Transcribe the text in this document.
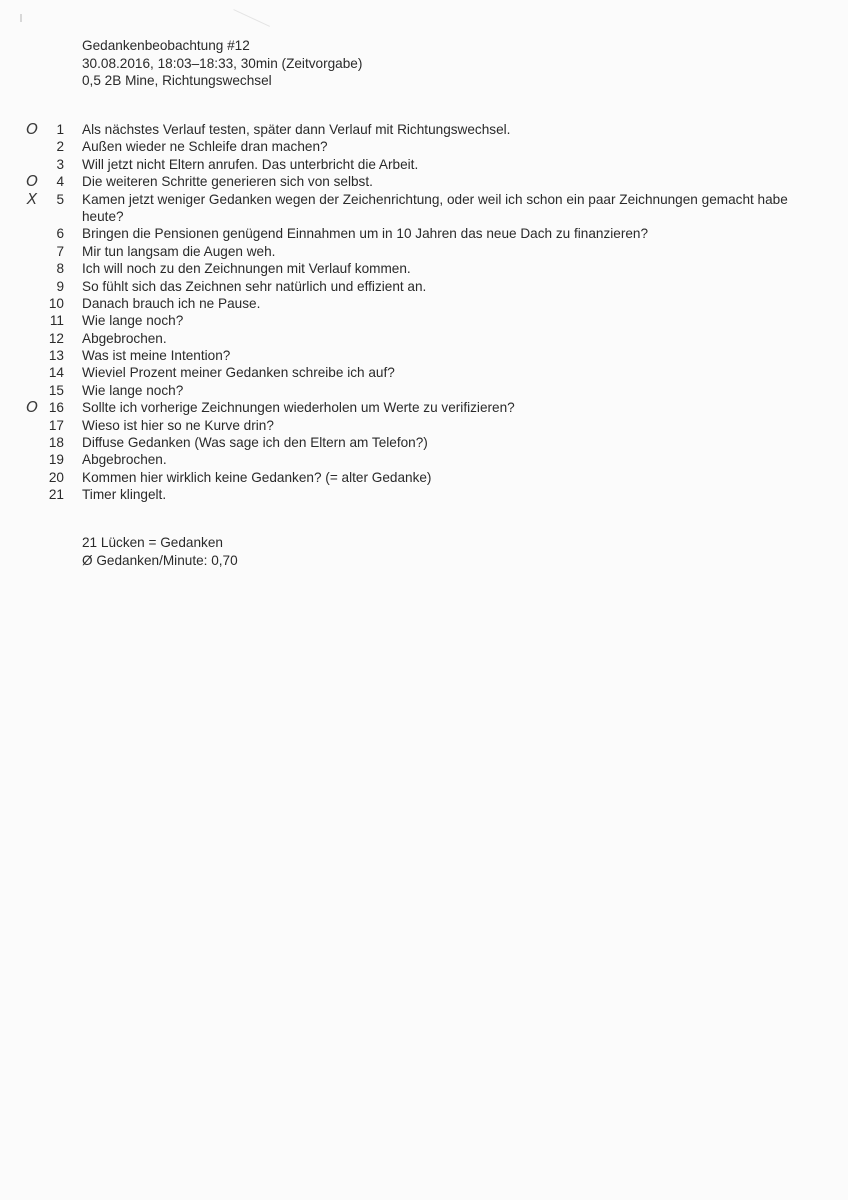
Gedankenbeobachtung #12
30.08.2016, 18:03–18:33, 30min (Zeitvorgabe)
0,5 2B Mine, Richtungswechsel
O	1 Als nächstes Verlauf testen, später dann Verlauf mit Richtungswechsel.
2 Außen wieder ne Schleife dran machen?
3 Will jetzt nicht Eltern anrufen. Das unterbricht die Arbeit.
O	4 Die weiteren Schritte generieren sich von selbst.
X	5 Kamen jetzt weniger Gedanken wegen der Zeichenrichtung, oder weil ich schon ein paar Zeichnungen gemacht habe heute?
6 Bringen die Pensionen genügend Einnahmen um in 10 Jahren das neue Dach zu finanzieren?
7 Mir tun langsam die Augen weh.
8 Ich will noch zu den Zeichnungen mit Verlauf kommen.
9 So fühlt sich das Zeichnen sehr natürlich und effizient an.
10 Danach brauch ich ne Pause.
11 Wie lange noch?
12 Abgebrochen.
13 Was ist meine Intention?
14 Wieviel Prozent meiner Gedanken schreibe ich auf?
15 Wie lange noch?
O 16 Sollte ich vorherige Zeichnungen wiederholen um Werte zu verifizieren?
17 Wieso ist hier so ne Kurve drin?
18 Diffuse Gedanken (Was sage ich den Eltern am Telefon?)
19 Abgebrochen.
20 Kommen hier wirklich keine Gedanken? (= alter Gedanke)
21 Timer klingelt.
21 Lücken = Gedanken
Ø Gedanken/Minute: 0,70
